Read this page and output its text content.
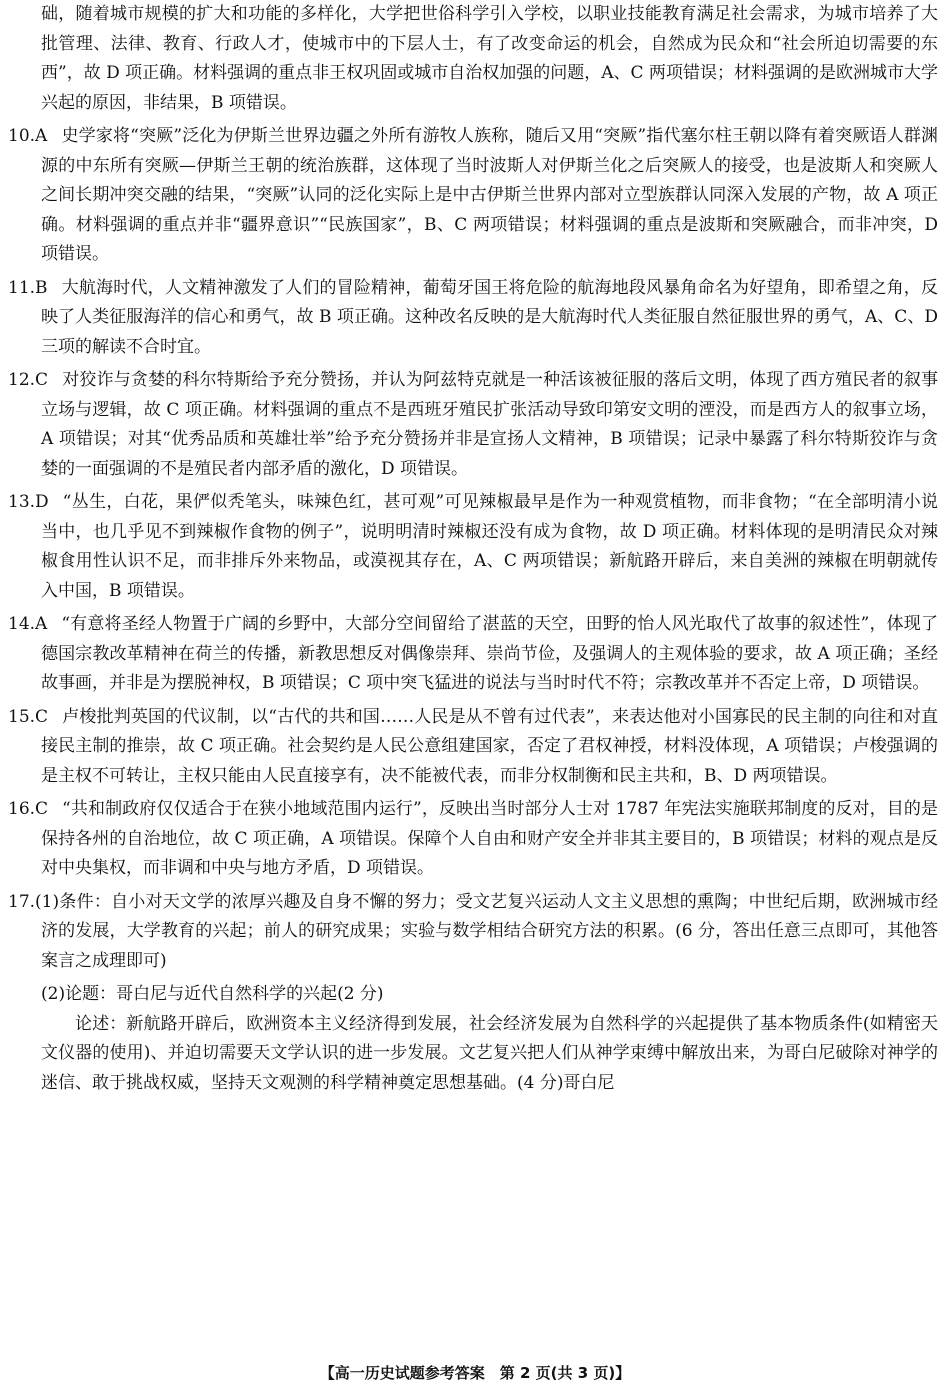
础，随着城市规模的扩大和功能的多样化，大学把世俗科学引入学校，以职业技能教育满足社会需求，为城市培养了大批管理、法律、教育、行政人才，使城市中的下层人士，有了改变命运的机会，自然成为民众和“社会所迫切需要的东西”，故 D 项正确。材料强调的重点非王权巩固或城市自治权加强的问题，A、C 两项错误；材料强调的是欧洲城市大学兴起的原因，非结果，B 项错误。

10.A 史学家将“突厥”泛化为伊斯兰世界边疆之外所有游牧人族称，随后又用“突厥”指代塞尔柱王朝以降有着突厥语人群渊源的中东所有突厥—伊斯兰王朝的统治族群，这体现了当时波斯人对伊斯兰化之后突厥人的接受，也是波斯人和突厥人之间长期冲突交融的结果，“突厥”认同的泛化实际上是中古伊斯兰世界内部对立型族群认同深入发展的产物，故 A 项正确。材料强调的重点并非“疆界意识”“民族国家”，B、C 两项错误；材料强调的重点是波斯和突厥融合，而非冲突，D 项错误。

11.B 大航海时代，人文精神激发了人们的冒险精神，葡萄牙国王将危险的航海地段风暴角命名为好望角，即希望之角，反映了人类征服海洋的信心和勇气，故 B 项正确。这种改名反映的是大航海时代人类征服自然征服世界的勇气，A、C、D 三项的解读不合时宜。

12.C 对狡诈与贪婪的科尔特斯给予充分赞扬，并认为阿兹特克就是一种活该被征服的落后文明，体现了西方殖民者的叙事立场与逻辑，故 C 项正确。材料强调的重点不是西班牙殖民扩张活动导致印第安文明的湮没，而是西方人的叙事立场，A 项错误；对其“优秀品质和英雄壮举”给予充分赞扬并非是宣扬人文精神，B 项错误；记录中暴露了科尔特斯狡诈与贪婪的一面强调的不是殖民者内部矛盾的激化，D 项错误。

13.D “丛生，白花，果俨似秃笔头，味辣色红，甚可观”可见辣椒最早是作为一种观赏植物，而非食物；“在全部明清小说当中，也几乎见不到辣椒作食物的例子”，说明明清时辣椒还没有成为食物，故 D 项正确。材料体现的是明清民众对辣椒食用性认识不足，而非排斥外来物品，或漠视其存在，A、C 两项错误；新航路开辟后，来自美洲的辣椒在明朝就传入中国，B 项错误。

14.A “有意将圣经人物置于广阔的乡野中，大部分空间留给了湛蓝的天空，田野的怡人风光取代了故事的叙述性”，体现了德国宗教改革精神在荷兰的传播，新教思想反对偶像崇拜、崇尚节俭，及强调人的主观体验的要求，故 A 项正确；圣经故事画，并非是为摆脱神权，B 项错误；C 项中突飞猛进的说法与当时时代不符；宗教改革并不否定上帝，D 项错误。

15.C 卢梭批判英国的代议制，以“古代的共和国……人民是从不曾有过代表”，来表达他对小国寡民的民主制的向往和对直接民主制的推崇，故 C 项正确。社会契约是人民公意组建国家，否定了君权神授，材料没体现，A 项错误；卢梭强调的是主权不可转让，主权只能由人民直接享有，决不能被代表，而非分权制衡和民主共和，B、D 两项错误。

16.C “共和制政府仅仅适合于在狭小地域范围内运行”，反映出当时部分人士对 1787 年宪法实施联邦制度的反对，目的是保持各州的自治地位，故 C 项正确，A 项错误。保障个人自由和财产安全并非其主要目的，B 项错误；材料的观点是反对中央集权，而非调和中央与地方矛盾，D 项错误。

17.(1)条件：自小对天文学的浓厚兴趣及自身不懈的努力；受文艺复兴运动人文主义思想的熏陶；中世纪后期，欧洲城市经济的发展，大学教育的兴起；前人的研究成果；实验与数学相结合研究方法的积累。(6 分，答出任意三点即可，其他答案言之成理即可)

(2)论题：哥白尼与近代自然科学的兴起(2 分)

论述：新航路开辟后，欧洲资本主义经济得到发展，社会经济发展为自然科学的兴起提供了基本物质条件(如精密天文仪器的使用)、并迫切需要天文学认识的进一步发展。文艺复兴把人们从神学束缚中解放出来，为哥白尼破除对神学的迷信、敢于挑战权威，坚持天文观测的科学精神奠定思想基础。(4 分)哥白尼

【高一历史试题参考答案　第 2 页(共 3 页)】
